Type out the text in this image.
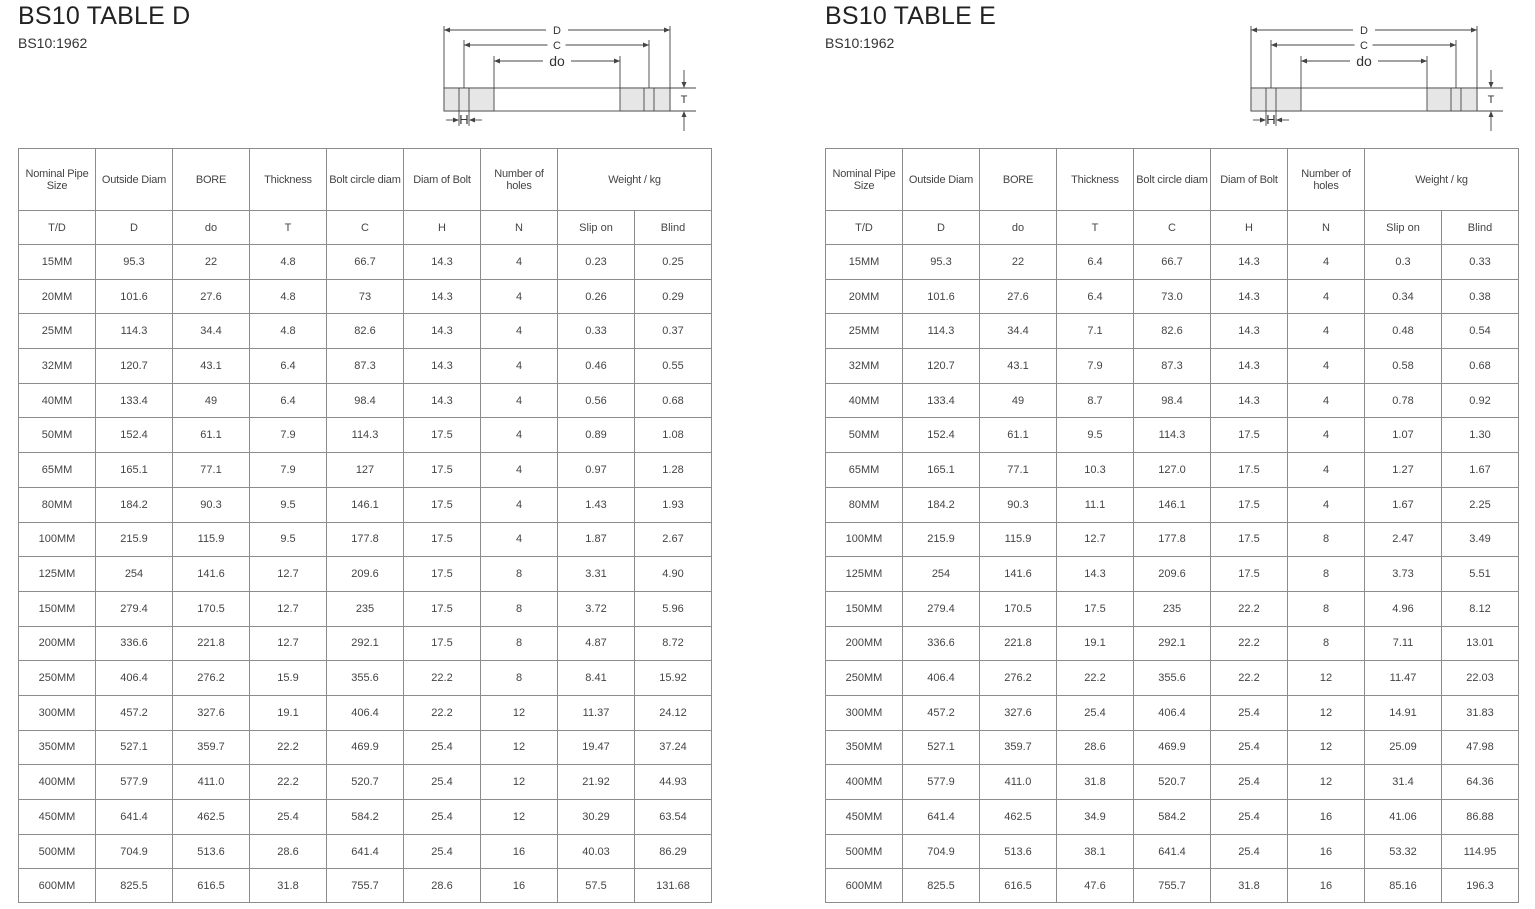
BS10 TABLE D
BS10:1962
D
C
do
T
H
Nominal Pipe Size	Outside Diam	BORE	Thickness	Bolt circle diam	Diam of Bolt	Number of holes	Weight / kg	
T/D	D	do	T	C	H	N	Slip on	Blind
15MM	95.3	22	4.8	66.7	14.3	4	0.23	0.25
20MM	101.6	27.6	4.8	73	14.3	4	0.26	0.29
25MM	114.3	34.4	4.8	82.6	14.3	4	0.33	0.37
32MM	120.7	43.1	6.4	87.3	14.3	4	0.46	0.55
40MM	133.4	49	6.4	98.4	14.3	4	0.56	0.68
50MM	152.4	61.1	7.9	114.3	17.5	4	0.89	1.08
65MM	165.1	77.1	7.9	127	17.5	4	0.97	1.28
80MM	184.2	90.3	9.5	146.1	17.5	4	1.43	1.93
100MM	215.9	115.9	9.5	177.8	17.5	4	1.87	2.67
125MM	254	141.6	12.7	209.6	17.5	8	3.31	4.90
150MM	279.4	170.5	12.7	235	17.5	8	3.72	5.96
200MM	336.6	221.8	12.7	292.1	17.5	8	4.87	8.72
250MM	406.4	276.2	15.9	355.6	22.2	8	8.41	15.92
300MM	457.2	327.6	19.1	406.4	22.2	12	11.37	24.12
350MM	527.1	359.7	22.2	469.9	25.4	12	19.47	37.24
400MM	577.9	411.0	22.2	520.7	25.4	12	21.92	44.93
450MM	641.4	462.5	25.4	584.2	25.4	12	30.29	63.54
500MM	704.9	513.6	28.6	641.4	25.4	16	40.03	86.29
600MM	825.5	616.5	31.8	755.7	28.6	16	57.5	131.68
BS10 TABLE E
BS10:1962
D
C
do
T
H
Nominal Pipe Size	Outside Diam	BORE	Thickness	Bolt circle diam	Diam of Bolt	Number of holes	Weight / kg	
T/D	D	do	T	C	H	N	Slip on	Blind
15MM	95.3	22	6.4	66.7	14.3	4	0.3	0.33
20MM	101.6	27.6	6.4	73.0	14.3	4	0.34	0.38
25MM	114.3	34.4	7.1	82.6	14.3	4	0.48	0.54
32MM	120.7	43.1	7.9	87.3	14.3	4	0.58	0.68
40MM	133.4	49	8.7	98.4	14.3	4	0.78	0.92
50MM	152.4	61.1	9.5	114.3	17.5	4	1.07	1.30
65MM	165.1	77.1	10.3	127.0	17.5	4	1.27	1.67
80MM	184.2	90.3	11.1	146.1	17.5	4	1.67	2.25
100MM	215.9	115.9	12.7	177.8	17.5	8	2.47	3.49
125MM	254	141.6	14.3	209.6	17.5	8	3.73	5.51
150MM	279.4	170.5	17.5	235	22.2	8	4.96	8.12
200MM	336.6	221.8	19.1	292.1	22.2	8	7.11	13.01
250MM	406.4	276.2	22.2	355.6	22.2	12	11.47	22.03
300MM	457.2	327.6	25.4	406.4	25.4	12	14.91	31.83
350MM	527.1	359.7	28.6	469.9	25.4	12	25.09	47.98
400MM	577.9	411.0	31.8	520.7	25.4	12	31.4	64.36
450MM	641.4	462.5	34.9	584.2	25.4	16	41.06	86.88
500MM	704.9	513.6	38.1	641.4	25.4	16	53.32	114.95
600MM	825.5	616.5	47.6	755.7	31.8	16	85.16	196.3
